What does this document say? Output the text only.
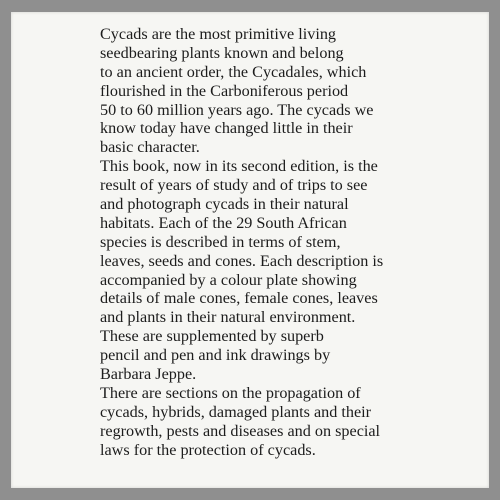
Cycads are the most primitive living
seedbearing plants known and belong
to an ancient order, the Cycadales, which
flourished in the Carboniferous period
50 to 60 million years ago. The cycads we
know today have changed little in their
basic character.
This book, now in its second edition, is the
result of years of study and of trips to see
and photograph cycads in their natural
habitats. Each of the 29 South African
species is described in terms of stem,
leaves, seeds and cones. Each description is
accompanied by a colour plate showing
details of male cones, female cones, leaves
and plants in their natural environment.
These are supplemented by superb
pencil and pen and ink drawings by
Barbara Jeppe.
There are sections on the propagation of
cycads, hybrids, damaged plants and their
regrowth, pests and diseases and on special
laws for the protection of cycads.
